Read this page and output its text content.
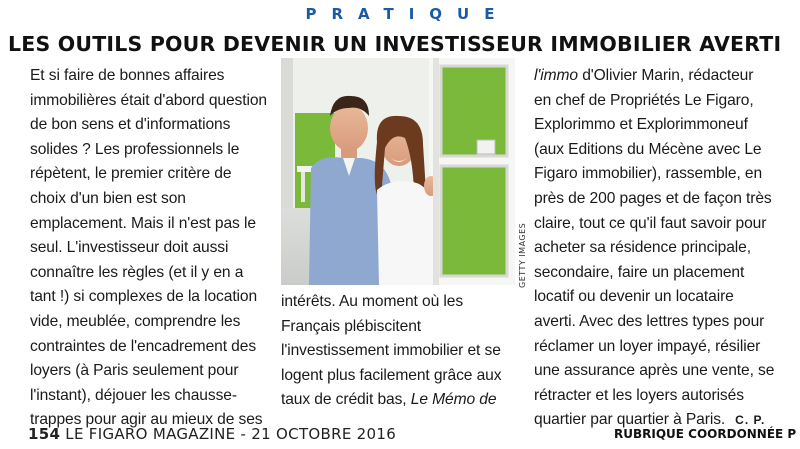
PRATIQUE
LES OUTILS POUR DEVENIR UN INVESTISSEUR IMMOBILIER AVERTI
Et si faire de bonnes affaires
immobilières était d'abord question
de bon sens et d'informations
solides ? Les professionnels le
répètent, le premier critère de
choix d'un bien est son
emplacement. Mais il n'est pas le
seul. L'investisseur doit aussi
connaître les règles (et il y en a
tant !) si complexes de la location
vide, meublée, comprendre les
contraintes de l'encadrement des
loyers (à Paris seulement pour
l'instant), déjouer les chausse-
trappes pour agir au mieux de ses
GETTY IMAGES
intérêts. Au moment où les
Français plébiscitent
l'investissement immobilier et se
logent plus facilement grâce aux
taux de crédit bas, Le Mémo de
l'immo d'Olivier Marin, rédacteur
en chef de Propriétés Le Figaro,
Explorimmo et Explorimmoneuf
(aux Editions du Mécène avec Le
Figaro immobilier), rassemble, en
près de 200 pages et de façon très
claire, tout ce qu'il faut savoir pour
acheter sa résidence principale,
secondaire, faire un placement
locatif ou devenir un locataire
averti. Avec des lettres types pour
réclamer un loyer impayé, résilier
une assurance après une vente, se
rétracter et les loyers autorisés
quartier par quartier à Paris. C. P.
154 LE FIGARO MAGAZINE - 21 OCTOBRE 2016	RUBRIQUE COORDONNÉE P
